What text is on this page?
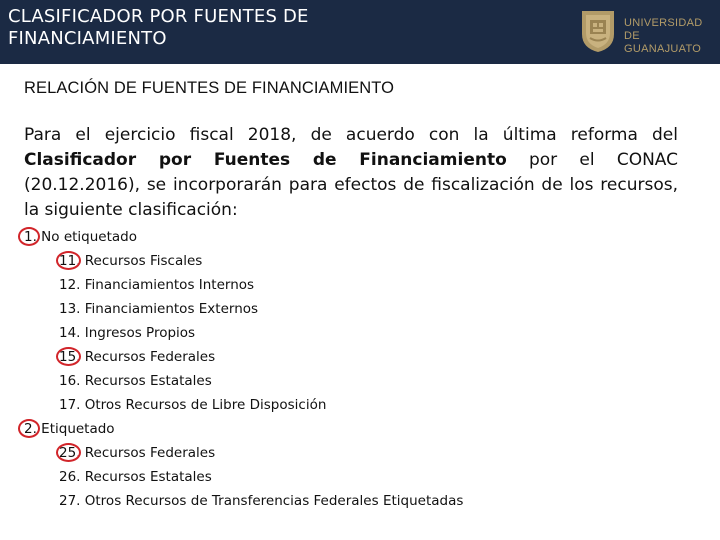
CLASIFICADOR POR FUENTES DE FINANCIAMIENTO
UNIVERSIDAD DE
GUANAJUATO
RELACIÓN DE FUENTES DE FINANCIAMIENTO

Para el ejercicio fiscal 2018, de acuerdo con la última reforma del Clasificador por Fuentes de Financiamiento por el CONAC (20.12.2016), se incorporarán para efectos de fiscalización de los recursos, la siguiente clasificación:

1. No etiquetado
11. Recursos Fiscales
12. Financiamientos Internos
13. Financiamientos Externos
14. Ingresos Propios
15. Recursos Federales
16. Recursos Estatales
17. Otros Recursos de Libre Disposición
2. Etiquetado
25. Recursos Federales
26. Recursos Estatales
27. Otros Recursos de Transferencias Federales Etiquetadas
